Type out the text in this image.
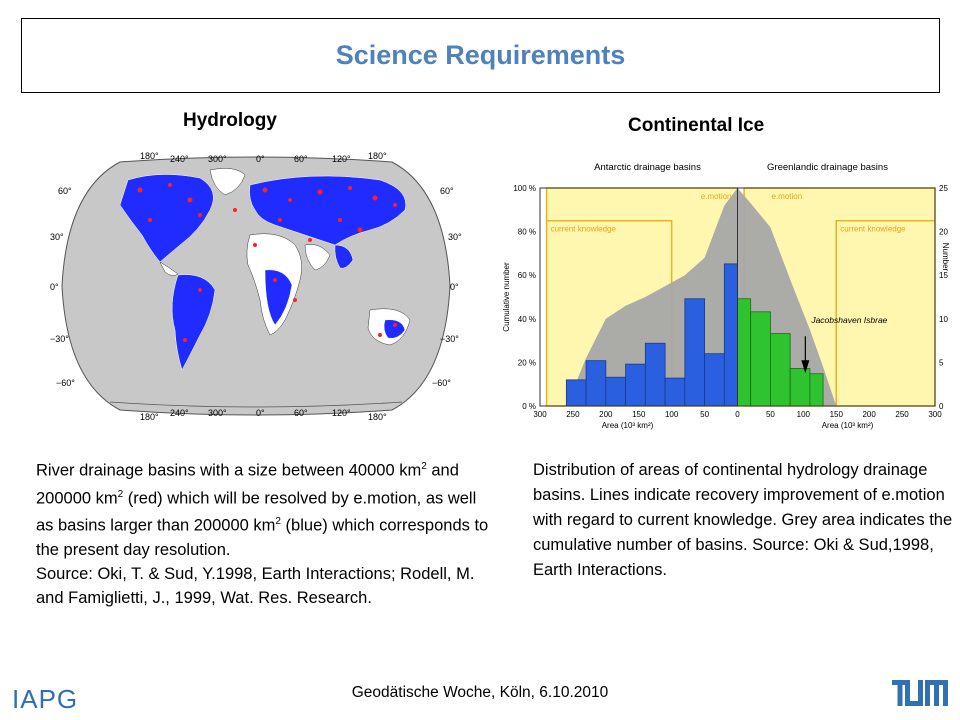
Science Requirements
Hydrology	Continental Ice
180° 240° 300°	0°	60°	120° 180°
180° 240° 300°	0°	60°	120° 180°
60°
30°
0°
−30°
−60°
60°
30°
0°
−30°
−60°
100 %
80 %
60 %
40 %
20 %
0 %
25
20
15
10
5
0
300 250 200 150 100	50	0	50	100 150 200 250 300
Area (10³ km²)	Area (10³ km²)
Cumulative number
Number
Antarctic drainage basins	Greenlandic drainage basins
e.motion	e.motion
current knowledge	current knowledge
Jacobshaven Isbrae

River drainage basins with a size between 40000 $km^2$ and 200000 $km^2$ (red) which will be resolved by e.motion, as well as basins larger than 200000 $km^2$ (blue) which corresponds to the present day resolution.

Source: Oki, T. & Sud, Y.1998, Earth Interactions; Rodell, M. and Famiglietti, J., 1999, Wat. Res. Research.

Distribution of areas of continental hydrology drainage basins. Lines indicate recovery improvement of e.motion with regard to current knowledge. Grey area indicates the cumulative number of basins. Source: Oki & Sud,1998, Earth Interactions.
IAPG	Geodätische Woche, Köln, 6.10.2010
